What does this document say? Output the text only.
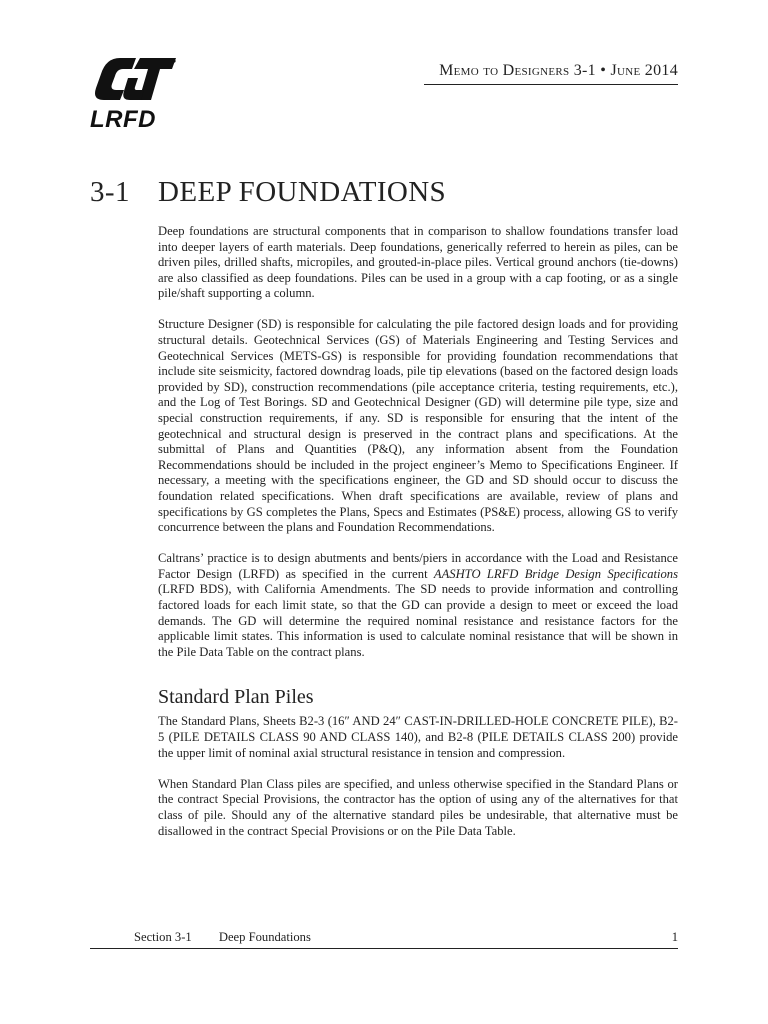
LRFD
Memo to Designers 3-1 • June 2014
3-1 DEEP FOUNDATIONS

Deep foundations are structural components that in comparison to shallow foundations transfer load into deeper layers of earth materials. Deep foundations, generically referred to herein as piles, can be driven piles, drilled shafts, micropiles, and grouted-in-place piles. Vertical ground anchors (tie-downs) are also classified as deep foundations. Piles can be used in a group with a cap footing, or as a single pile/shaft supporting a column.

Structure Designer (SD) is responsible for calculating the pile factored design loads and for providing structural details. Geotechnical Services (GS) of Materials Engineering and Testing Services and Geotechnical Services (METS-GS) is responsible for providing foundation recommendations that include site seismicity, factored downdrag loads, pile tip elevations (based on the factored design loads provided by SD), construction recommendations (pile acceptance criteria, testing requirements, etc.), and the Log of Test Borings. SD and Geotechnical Designer (GD) will determine pile type, size and special construction requirements, if any. SD is responsible for ensuring that the intent of the geotechnical and structural design is preserved in the contract plans and specifications. At the submittal of Plans and Quantities (P&Q), any information absent from the Foundation Recommendations should be included in the project engineer’s Memo to Specifications Engineer. If necessary, a meeting with the specifications engineer, the GD and SD should occur to discuss the foundation related specifications. When draft specifications are available, review of plans and specifications by GS completes the Plans, Specs and Estimates (PS&E) process, allowing GS to verify concurrence between the plans and Foundation Recommendations.

Caltrans’ practice is to design abutments and bents/piers in accordance with the Load and Resistance Factor Design (LRFD) as specified in the current AASHTO LRFD Bridge Design Specifications (LRFD BDS), with California Amendments. The SD needs to provide information and controlling factored loads for each limit state, so that the GD can provide a design to meet or exceed the load demands. The GD will determine the required nominal resistance and resistance factors for the applicable limit states. This information is used to calculate nominal resistance that will be shown in the Pile Data Table on the contract plans.

Standard Plan Piles

The Standard Plans, Sheets B2-3 (16″ AND 24″ CAST-IN-DRILLED-HOLE CONCRETE PILE), B2-5 (PILE DETAILS CLASS 90 AND CLASS 140), and B2-8 (PILE DETAILS CLASS 200) provide the upper limit of nominal axial structural resistance in tension and compression.

When Standard Plan Class piles are specified, and unless otherwise specified in the Standard Plans or the contract Special Provisions, the contractor has the option of using any of the alternatives for that class of pile. Should any of the alternative standard piles be undesirable, that alternative must be disallowed in the contract Special Provisions or on the Pile Data Table.

Section 3-1 Deep Foundations	1
